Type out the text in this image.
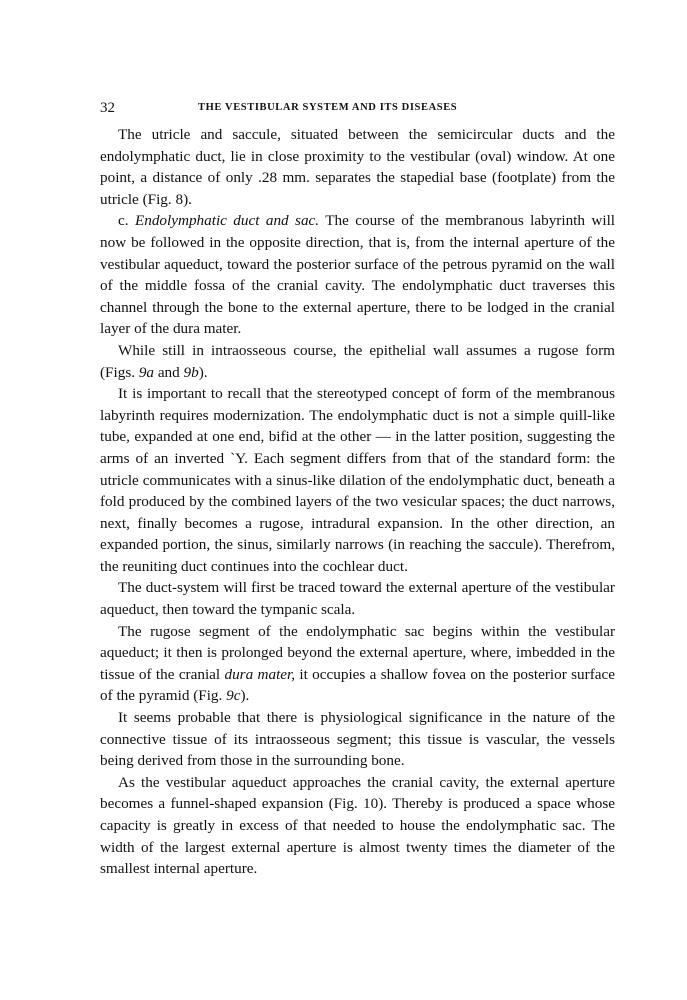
32	THE VESTIBULAR SYSTEM AND ITS DISEASES

The utricle and saccule, situated between the semicircular ducts and the endolymphatic duct, lie in close proximity to the vestibular (oval) window. At one point, a distance of only .28 mm. separates the stapedial base (footplate) from the utricle (Fig. 8).

c. Endolymphatic duct and sac. The course of the membranous labyrinth will now be followed in the opposite direction, that is, from the internal aperture of the vestibular aqueduct, toward the posterior surface of the petrous pyramid on the wall of the middle fossa of the cranial cavity. The endolymphatic duct traverses this channel through the bone to the external aperture, there to be lodged in the cranial layer of the dura mater.

While still in intraosseous course, the epithelial wall assumes a rugose form (Figs. 9a and 9b).

It is important to recall that the stereotyped concept of form of the membranous labyrinth requires modernization. The endolymphatic duct is not a simple quill-like tube, expanded at one end, bifid at the other — in the latter position, suggesting the arms of an inverted `Y. Each segment differs from that of the standard form: the utricle communicates with a sinus-like dilation of the endolymphatic duct, beneath a fold produced by the combined layers of the two vesicular spaces; the duct narrows, next, finally becomes a rugose, intradural expansion. In the other direction, an expanded portion, the sinus, similarly narrows (in reaching the saccule). Therefrom, the reuniting duct continues into the cochlear duct.

The duct-system will first be traced toward the external aperture of the vestibular aqueduct, then toward the tympanic scala.

The rugose segment of the endolymphatic sac begins within the vestibular aqueduct; it then is prolonged beyond the external aperture, where, imbedded in the tissue of the cranial dura mater, it occupies a shallow fovea on the posterior surface of the pyramid (Fig. 9c).

It seems probable that there is physiological significance in the nature of the connective tissue of its intraosseous segment; this tissue is vascular, the vessels being derived from those in the surrounding bone.

As the vestibular aqueduct approaches the cranial cavity, the external aperture becomes a funnel-shaped expansion (Fig. 10). Thereby is produced a space whose capacity is greatly in excess of that needed to house the endolymphatic sac. The width of the largest external aperture is almost twenty times the diameter of the smallest internal aperture.
